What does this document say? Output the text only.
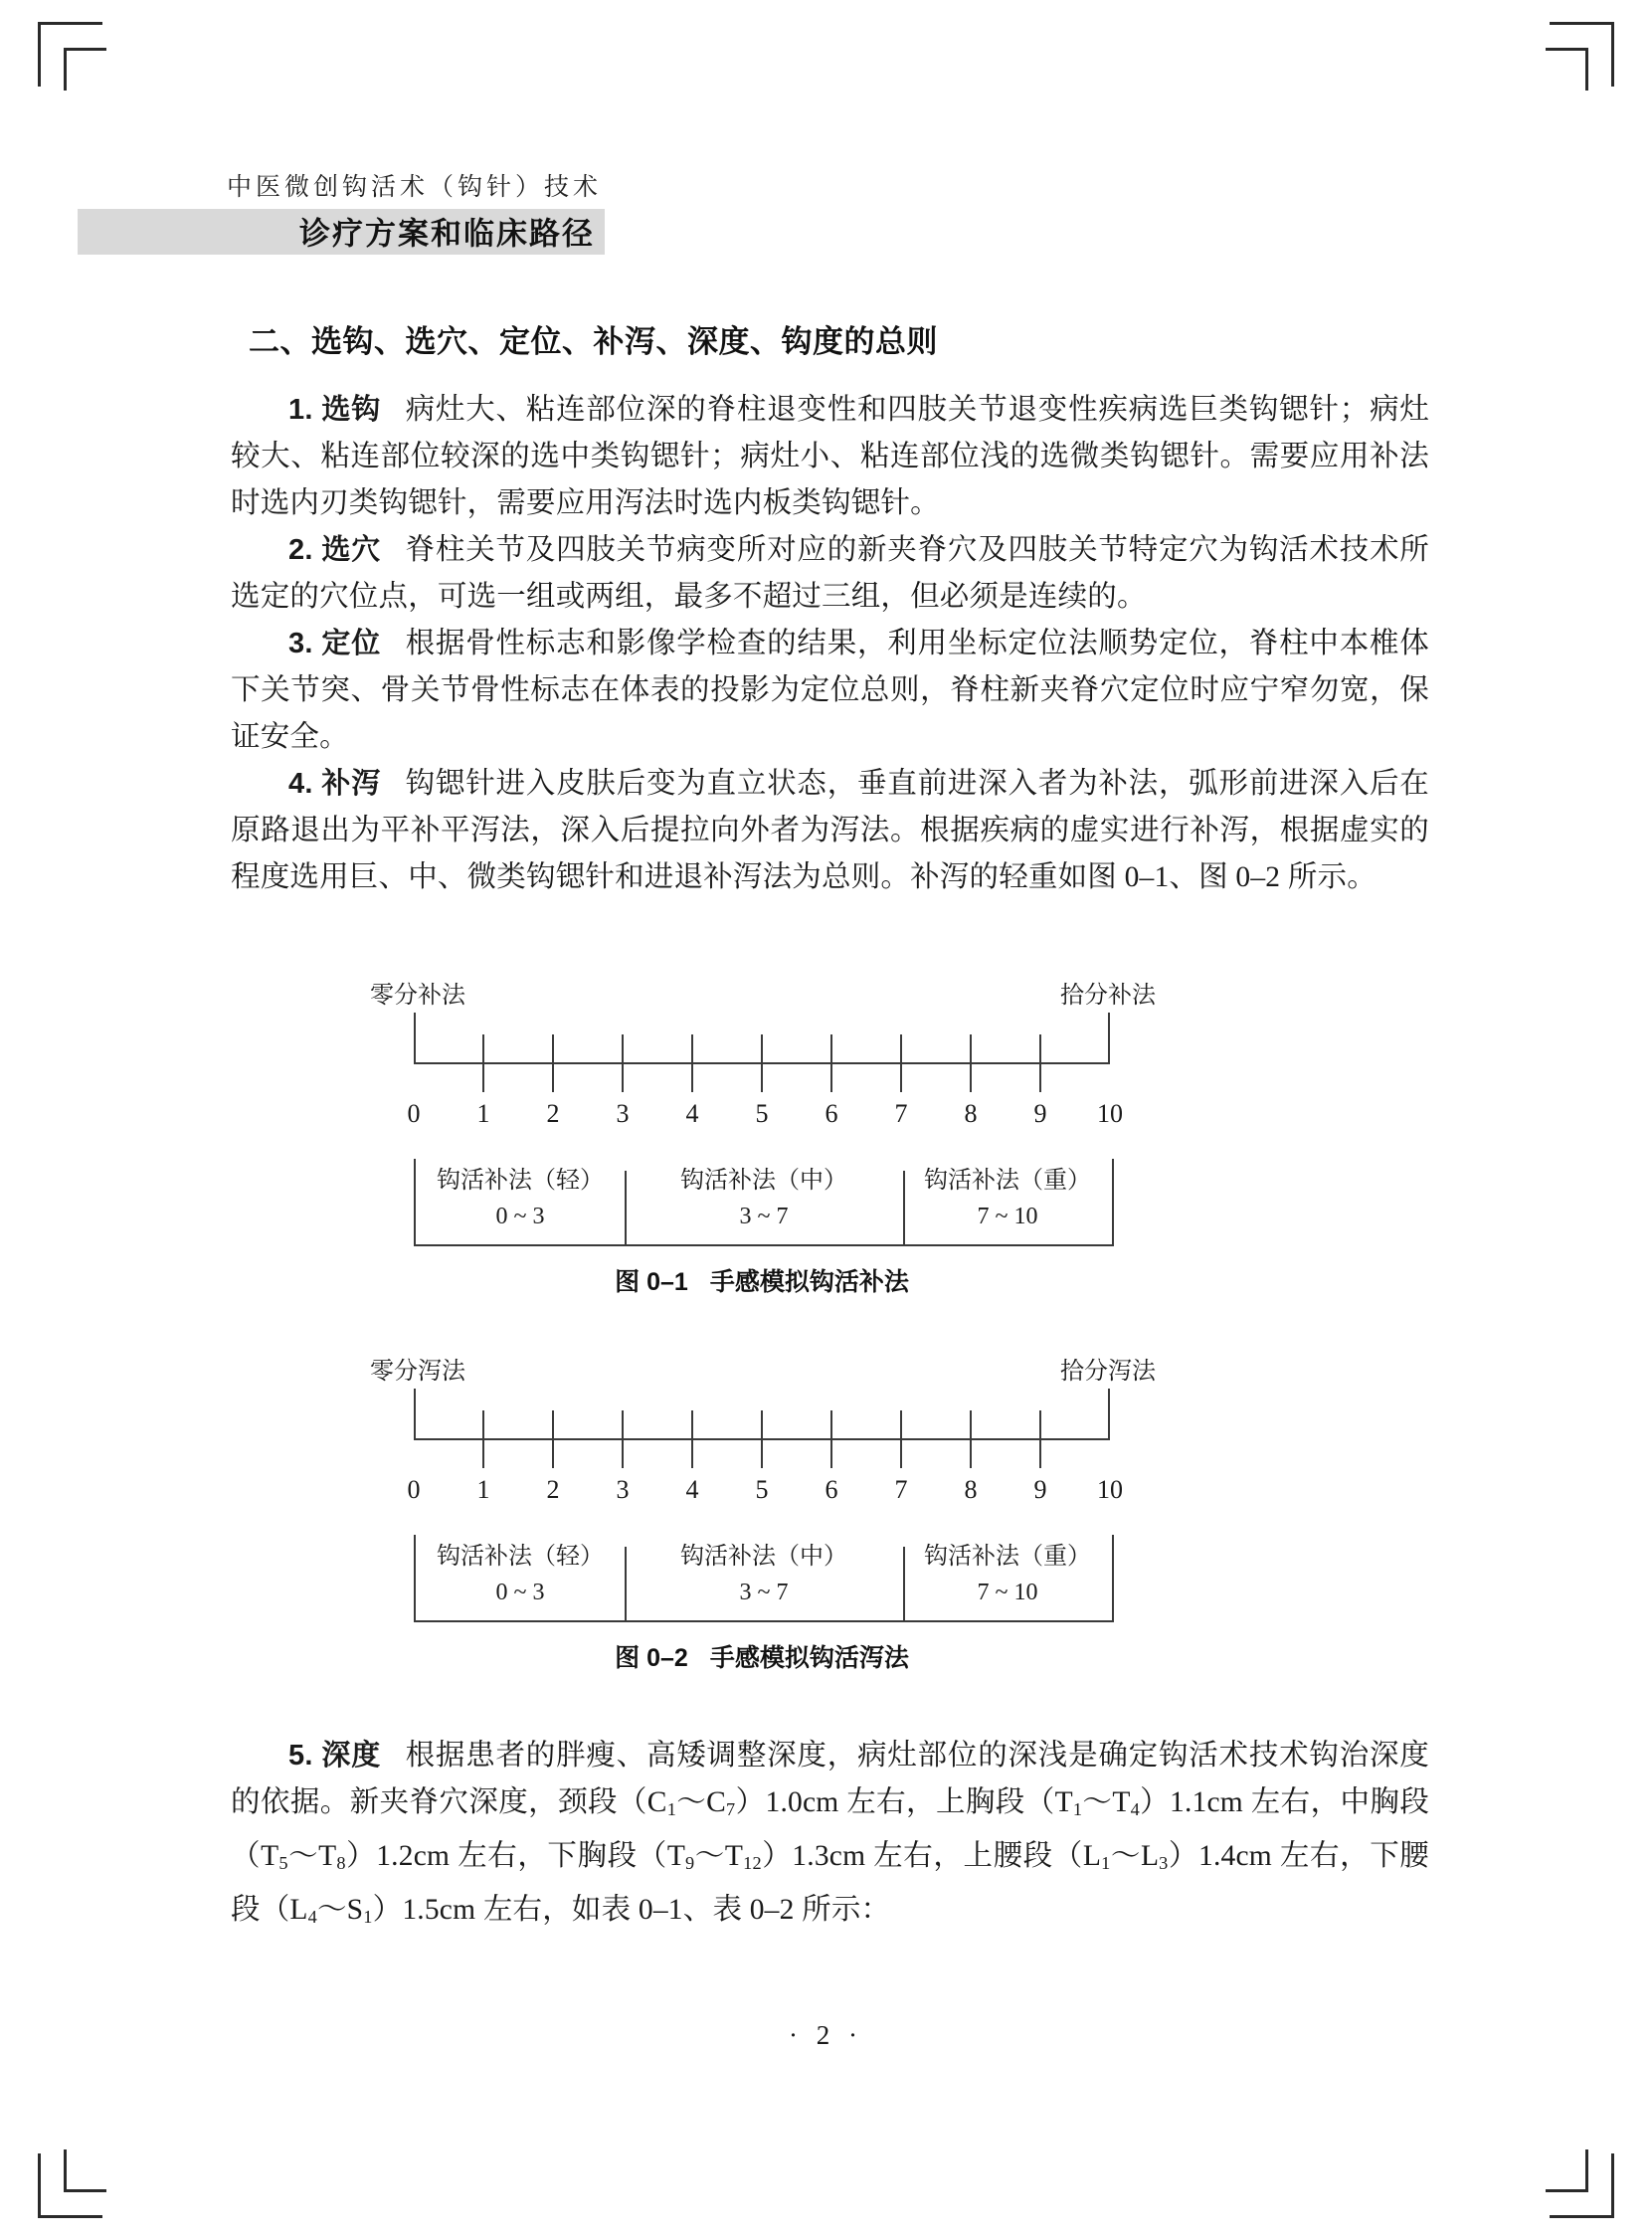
中医微创钩活术（钩针）技术
诊疗方案和临床路径
二、选钩、选穴、定位、补泻、深度、钩度的总则

1. 选钩 病灶大、粘连部位深的脊柱退变性和四肢关节退变性疾病选巨类钩锶针；病灶较大、粘连部位较深的选中类钩锶针；病灶小、粘连部位浅的选微类钩锶针。需要应用补法时选内刃类钩锶针，需要应用泻法时选内板类钩锶针。

2. 选穴 脊柱关节及四肢关节病变所对应的新夹脊穴及四肢关节特定穴为钩活术技术所选定的穴位点，可选一组或两组，最多不超过三组，但必须是连续的。

3. 定位 根据骨性标志和影像学检查的结果，利用坐标定位法顺势定位，脊柱中本椎体下关节突、骨关节骨性标志在体表的投影为定位总则，脊柱新夹脊穴定位时应宁窄勿宽，保证安全。

4. 补泻 钩锶针进入皮肤后变为直立状态，垂直前进深入者为补法，弧形前进深入后在原路退出为平补平泻法，深入后提拉向外者为泻法。根据疾病的虚实进行补泻，根据虚实的程度选用巨、中、微类钩锶针和进退补泻法为总则。补泻的轻重如图 0–1、图 0–2 所示。

零分补法	拾分补法
0 1 2 3 4 5 6 7 8 9 10
钩活补法（轻）
0 ~ 3
钩活补法（中）
3 ~ 7
钩活补法（重）
7 ~ 10
图 0–1 手感模拟钩活补法
零分泻法	拾分泻法
0 1 2 3 4 5 6 7 8 9 10
钩活补法（轻）
0 ~ 3
钩活补法（中）
3 ~ 7
钩活补法（重）
7 ~ 10
图 0–2 手感模拟钩活泻法

5. 深度 根据患者的胖瘦、高矮调整深度，病灶部位的深浅是确定钩活术技术钩治深度的依据。新夹脊穴深度，颈段$(C_1\sim C_7)1.0cm$ 左右，上胸段$(T_1\sim T_4)1.1cm$ 左右，中胸段$(T_5\sim T_8)1.2cm$ 左右，下胸段$(T_9\sim T_{12})1.3cm$ 左右，上腰段$(L_1\sim L_3)1.4cm$ 左右，下腰段$(L_4\sim S_1)1.5cm$ 左右，如表 0–1、表 0–2 所示：

· 2 ·
